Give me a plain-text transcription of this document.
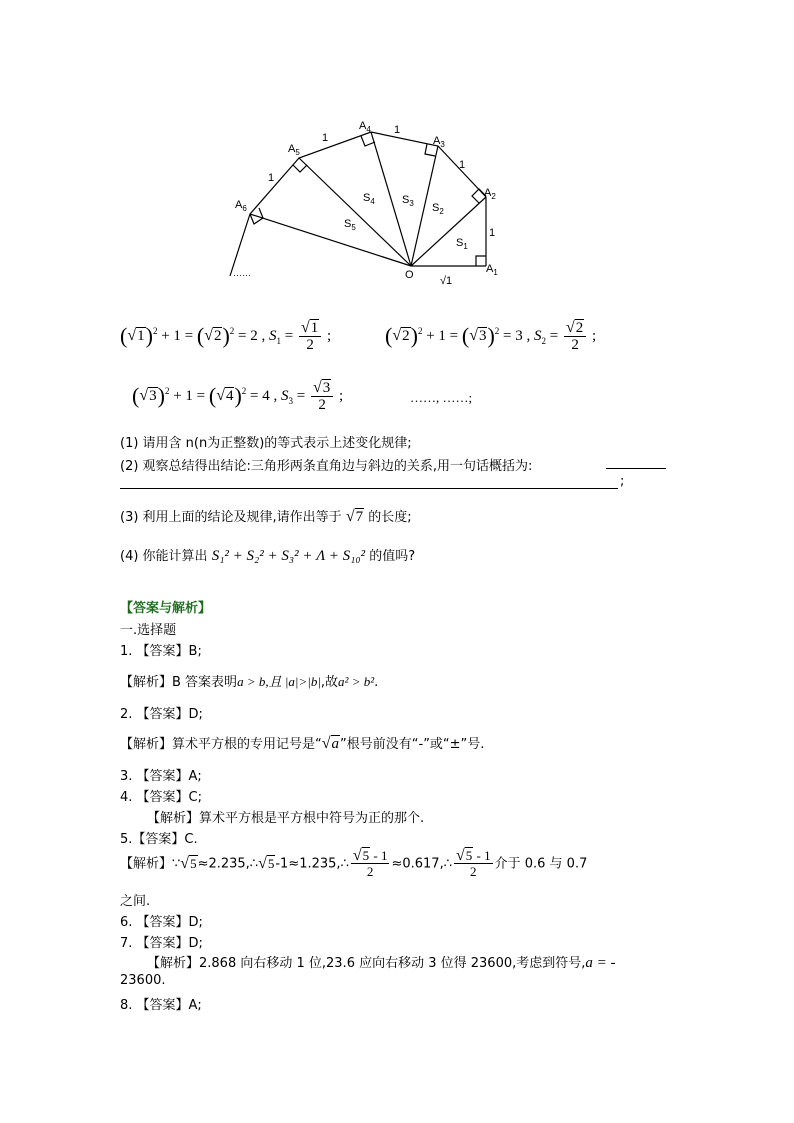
$A_1$
$A_2$
$A_3$
$A_4$
$A_5$
$A_6$
O
1
1
1
1
1
$S_1$
$S_2$
$S_3$
$S_4$
$S_5$
√1
……
$(√1)^2 + 1 = (√2)^2 = 2$ , $S_1 = \frac{√1}{2}$ ; $(√2)^2 + 1 = (√3)^2 = 3$ , $S_2 = \frac{√2}{2}$ ;
$(√3)^2 + 1 = (√4)^2 = 4$ , $S_3 = \frac{√3}{2}$ ;	……, ……;
(1) 请用含 n(n为正整数)的等式表示上述变化规律;
(2) 观察总结得出结论:三角形两条直角边与斜边的关系,用一句话概括为:
;
(3) 利用上面的结论及规律,请作出等于 √7 的长度;
(4) 你能计算出 S₁² + S₂² + S₃² + Λ + S₁₀² 的值吗?
【答案与解析】
一.选择题
1. 【答案】B;
【解析】B 答案表明a > b,且 |a|>|b|,故a² > b².
2. 【答案】D;
【解析】算术平方根的专用记号是“√a”根号前没有“-”或“±”号.
3. 【答案】A;
4. 【答案】C;
【解析】算术平方根是平方根中符号为正的那个.
5.【答案】C.
【解析】∵√5≈2.235,∴√5-1≈1.235,∴ $\frac{√5 - 1}{2}$ ≈0.617,∴ $\frac{√5 - 1}{2}$ 介于 0.6 与 0.7
之间.
6. 【答案】D;
7. 【答案】D;
【解析】2.868 向右移动 1 位,23.6 应向右移动 3 位得 23600,考虑到符号,a = -
23600.
8. 【答案】A;
